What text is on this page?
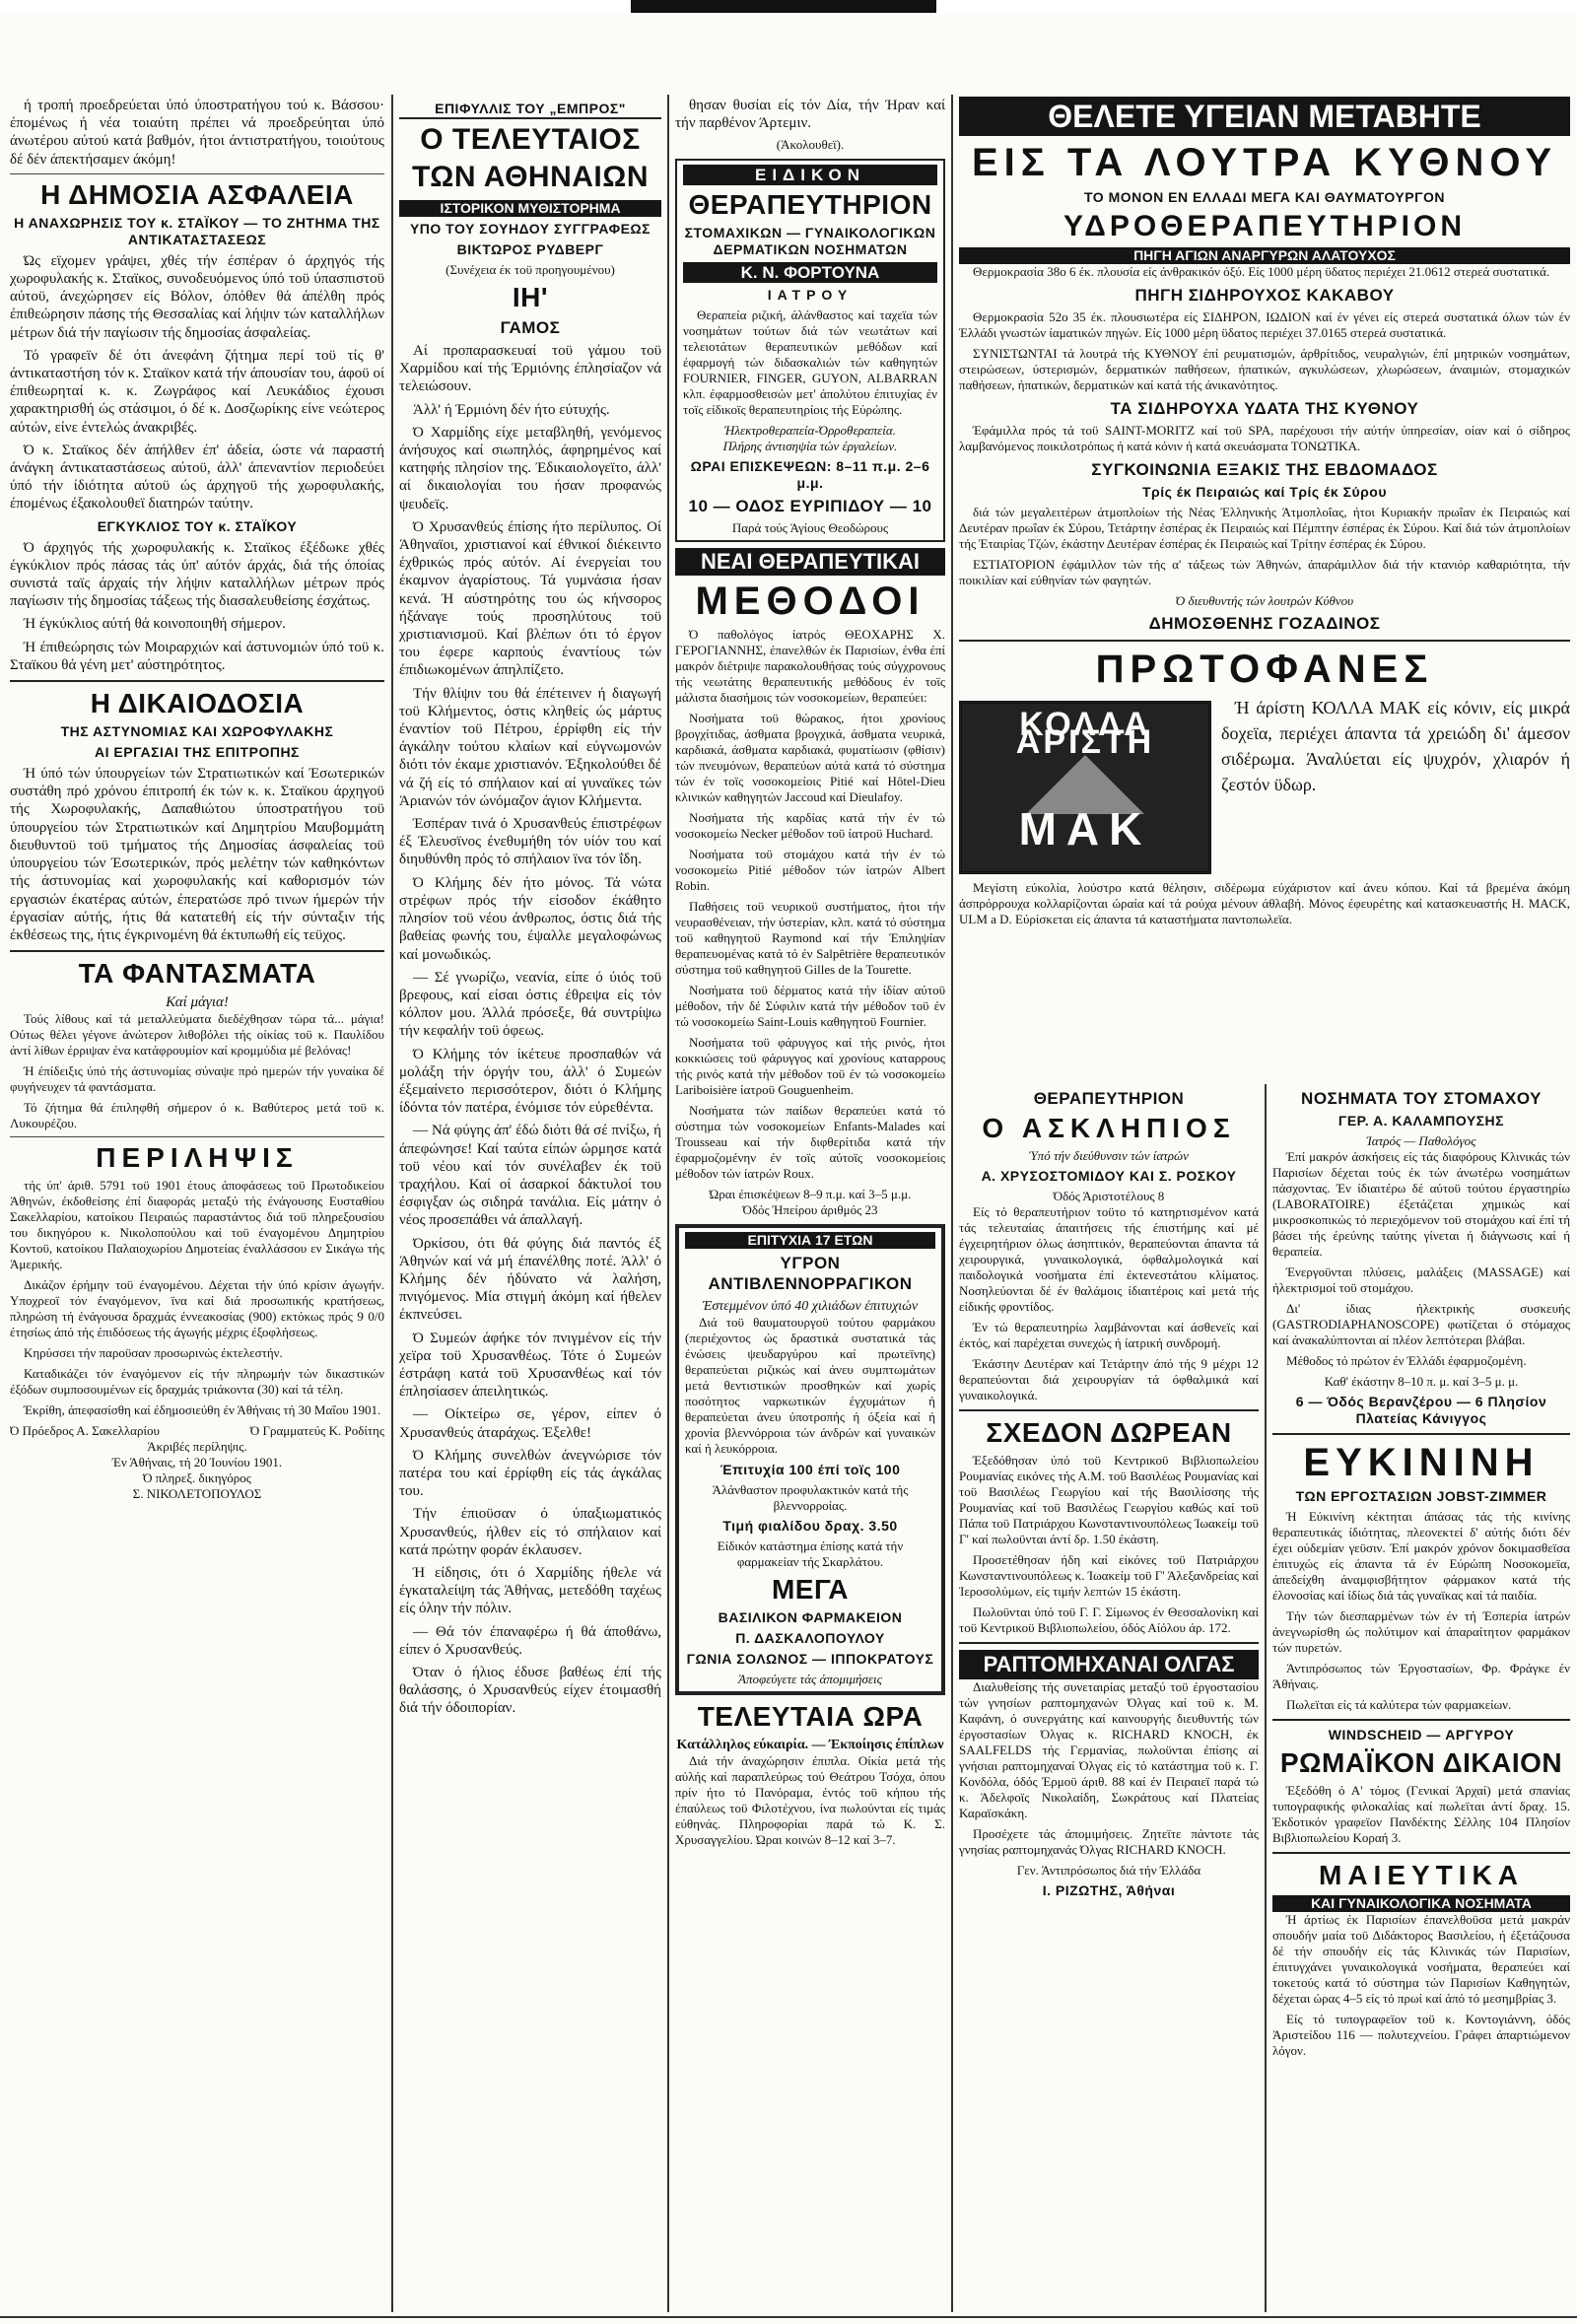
ή τροπή προεδρεύεται ύπό ύποστρατήγου τού κ. Βάσσου· έπομένως ή νέα τοιαύτη πρέπει νά προεδρεύηται ύπό άνωτέρου αύτού κατά βαθμόν, ήτοι άντιστρατήγου, τοιούτους δέ δέν άπεκτήσαμεν άκόμη!

Η ΔΗΜΟΣΙΑ ΑΣΦΑΛΕΙΑ
Η ΑΝΑΧΩΡΗΣΙΣ ΤΟΥ κ. ΣΤΑΪΚΟΥ — ΤΟ ΖΗΤΗΜΑ ΤΗΣ ΑΝΤΙΚΑΤΑΣΤΑΣΕΩΣ

Ώς εϊχομεν γράψει, χθές τήν έσπέραν ό άρχηγός τής χωροφυλακής κ. Σταϊκος, συνοδευόμενος ύπό τοϋ ύπασπιστοϋ αύτοϋ, άνεχώρησεν είς Βόλον, όπόθεν θά άπέλθη πρός έπιθεώρησιν πάσης τής Θεσσαλίας καί λήψιν τών καταλλήλων μέτρων διά τήν παγίωσιν τής δημοσίας άσφαλείας.

Τό γραφεϊν δέ ότι άνεφάνη ζήτημα περί τοϋ τίς θ' άντικαταστήση τόν κ. Σταϊκον κατά τήν άπουσίαν του, άφοϋ οί έπιθεωρηταί κ. κ. Ζωγράφος καί Λευκάδιος έχουσι χαρακτηρισθή ώς στάσιμοι, ό δέ κ. Δοσζωρίκης είνε νεώτερος αύτών, είνε έντελώς άνακριβές.

Ό κ. Σταϊκος δέν άπήλθεν έπ' άδεία, ώστε νά παραστή άνάγκη άντικαταστάσεως αύτοϋ, άλλ' άπεναντίον περιοδεύει ύπό τήν ίδιότητα αύτοϋ ώς άρχηγοϋ τής χωροφυλακής, έπομένως έξακολουθεϊ διατηρών ταύτην.

ΕΓΚΥΚΛΙΟΣ ΤΟΥ κ. ΣΤΑΪΚΟΥ

Ό άρχηγός τής χωροφυλακής κ. Σταϊκος έξέδωκε χθές έγκύκλιον πρός πάσας τάς ύπ' αύτόν άρχάς, διά τής όποίας συνιστά ταϊς άρχαίς τήν λήψιν καταλλήλων μέτρων πρός παγίωσιν τής δημοσίας τάξεως τής διασαλευθείσης έσχάτως.

Ή έγκύκλιος αύτή θά κοινοποιηθή σήμερον.

Ή έπιθεώρησις τών Μοιραρχιών καί άστυνομιών ύπό τοϋ κ. Σταϊκου θά γένη μετ' αύστηρότητος.

Η ΔΙΚΑΙΟΔΟΣΙΑ
ΤΗΣ ΑΣΤΥΝΟΜΙΑΣ ΚΑΙ ΧΩΡΟΦΥΛΑΚΗΣ
ΑΙ ΕΡΓΑΣΙΑΙ ΤΗΣ ΕΠΙΤΡΟΠΗΣ

Ή ύπό τών ύπουργείων τών Στρατιωτικών καί Έσωτερικών συστάθη πρό χρόνου έπιτροπή έκ τών κ. κ. Σταϊκου άρχηγοϋ τής Χωροφυλακής, Δαπαθιώτου ύποστρατήγου τοϋ ύπουργείου τών Στρατιωτικών καί Δημητρίου Μαυβομμάτη διευθυντοϋ τοϋ τμήματος τής Δημοσίας άσφαλείας τοϋ ύπουργείου τών Έσωτερικών, πρός μελέτην τών καθηκόντων τής άστυνομίας καί χωροφυλακής καί καθορισμόν τών εργασιών έκατέρας αύτών, έπερατώσε πρό τινων ήμερών τήν έργασίαν αύτής, ήτις θά κατατεθή είς τήν σύνταξιν τής έκθέσεως της, ήτις έγκρινομένη θά έκτυπωθή είς τεϋχος.

ΤΑ ΦΑΝΤΑΣΜΑΤΑ
Καί μάγια!

Τούς λίθους καί τά μεταλλεύματα διεδέχθησαν τώρα τά... μάγια! Ούτως θέλει γέγονε άνώτερον λιθοβόλει τής οίκίας τοϋ κ. Παυλίδου άντί λίθων έρριψαν ένα κατάφρουμίον καί κρομμύδια μέ βελόνας!

Ή έπίδειξις ύπό τής άστυνομίας σύναψε πρό ημερών τήν γυναίκα δέ φυγήνευχεν τά φαντάσματα.

Τό ζήτημα θά έπιληφθή σήμερον ό κ. Βαθύτερος μετά τοϋ κ. Λυκουρέζου.

ΠΕΡΙΛΗΨΙΣ

τής ύπ' άριθ. 5791 τοϋ 1901 έτους άποφάσεως τοϋ Πρωτοδικείου Άθηνών, έκδοθείσης έπί διαφοράς μεταξύ τής ένάγουσης Ευσταθίου Σακελλαρίου, κατοίκου Πειραιώς παραστάντος διά τοϋ πληρεξουσίου του δικηγόρου κ. Νικολοπούλου καί τοϋ έναγομένου Δημητρίου Κοντοϋ, κατοίκου Παλαιοχωρίου Δημοτείας έναλλάσσου εν Σικάγω τής Άμερικής.

Δικάζον έρήμην τοϋ έναγομένου. Δέχεται τήν ύπό κρίσιν άγωγήν. Υποχρεοϊ τόν έναγόμενον, ϊνα καί διά προσωπικής κρατήσεως, πληρώση τή ένάγουσα δραχμάς έννεακοσίας (900) εκτόκως πρός 9 0/0 έτησίως άπό τής έπιδόσεως τής άγωγής μέχρις έξοφλήσεως.

Κηρύσσει τήν παροϋσαν προσωρινώς έκτελεστήν.

Καταδικάζει τόν έναγόμενον είς τήν πληρωμήν τών δικαστικών έξόδων συμποσουμένων είς δραχμάς τριάκοντα (30) καί τά τέλη.

Έκρίθη, άπεφασίσθη καί έδημοσιεύθη έν Άθήναις τή 30 Μαΐου 1901.

Ό Πρόεδρος Α. Σακελλαρίου	Ό Γραμματεύς Κ. Ροδίτης
Άκριβές περίληψις.
Έν Άθήναις, τή 20 Ίουνίου 1901.
Ό πληρεξ. δικηγόρος
Σ. ΝΙΚΟΛΕΤΟΠΟΥΛΟΣ
ΕΠΙΦΥΛΛΙΣ ΤΟΥ „ΕΜΠΡΟΣ"
Ο ΤΕΛΕΥΤΑΙΟΣ
ΤΩΝ ΑΘΗΝΑΙΩΝ
ΙΣΤΟΡΙΚΟΝ ΜΥΘΙΣΤΟΡΗΜΑ
ΥΠΟ ΤΟΥ ΣΟΥΗΔΟΥ ΣΥΓΓΡΑΦΕΩΣ
ΒΙΚΤΩΡΟΣ ΡΥΔΒΕΡΓ
(Συνέχεια έκ τοϋ προηγουμένου)
ΙΗ'
ΓΑΜΟΣ

Αί προπαρασκευαί τοϋ γάμου τοϋ Χαρμίδου καί τής Έρμιόνης έπλησίαζον νά τελειώσουν.

Άλλ' ή Έρμιόνη δέν ήτο εύτυχής.

Ό Χαρμίδης είχε μεταβληθή, γενόμενος άνήσυχος καί σιωπηλός, άφηρημένος καί κατηφής πλησίον της. Έδικαιολογεϊτο, άλλ' αί δικαιολογίαι του ήσαν προφανώς ψευδεϊς.

Ό Χρυσανθεύς έπίσης ήτο περίλυπος. Οί Άθηναϊοι, χριστιανοί καί έθνικοί διέκειντο έχθρικώς πρός αύτόν. Αί ένεργείαι του έκαμνον άγαρίστους. Τά γυμνάσια ήσαν κενά. Ή αύστηρότης του ώς κήνσορος ήξάναγε τούς προσηλύτους τοϋ χριστιανισμοϋ. Καί βλέπων ότι τό έργον του έφερε καρπούς έναντίους τών έπιδιωκομένων άπηλπίζετο.

Τήν θλίψιν του θά έπέτεινεν ή διαγωγή τοϋ Κλήμεντος, όστις κληθείς ώς μάρτυς έναντίον τοϋ Πέτρου, έρρίφθη είς τήν άγκάλην τούτου κλαίων καί εύγνωμονών διότι τόν έκαμε χριστιανόν. Έξηκολούθει δέ νά ζή είς τό σπήλαιον καί αί γυναϊκες τών Άριανών τόν ώνόμαζον άγιον Κλήμεντα.

Έσπέραν τινά ό Χρυσανθεύς έπιστρέφων έξ Έλευσϊνος ένεθυμήθη τόν υίόν του καί διηυθύνθη πρός τό σπήλαιον ϊνα τόν ΐδη.

Ό Κλήμης δέν ήτο μόνος. Τά νώτα στρέφων πρός τήν είσοδον έκάθητο πλησίον τοϋ νέου άνθρωπος, όστις διά τής βαθείας φωνής του, έψαλλε μεγαλοφώνως καί μονωδικώς.

— Σέ γνωρίζω, νεανία, είπε ό ύιός τοϋ βρεφους, καί είσαι όστις έθρεψα είς τόν κόλπον μου. Άλλά πρόσεξε, θά συντρίψω τήν κεφαλήν τοϋ όφεως.

Ό Κλήμης τόν ίκέτευε προσπαθών νά μολάξη τήν όργήν του, άλλ' ό Συμεών έξεμαίνετο περισσότερον, διότι ό Κλήμης ίδόντα τόν πατέρα, ένόμισε τόν εύρεθέντα.

— Νά φύγης άπ' έδώ διότι θά σέ πνίξω, ή άπεφώνησε! Καί ταύτα είπών ώρμησε κατά τοϋ νέου καί τόν συνέλαβεν έκ τοϋ τραχήλου. Καί οί άσαρκοί δάκτυλοί του έσφιγξαν ώς σιδηρά τανάλια. Είς μάτην ό νέος προσεπάθει νά άπαλλαγή.

Όρκίσου, ότι θά φύγης διά παντός έξ Άθηνών καί νά μή έπανέλθης ποτέ. Άλλ' ό Κλήμης δέν ήδύνατο νά λαλήση, πνιγόμενος. Μία στιγμή άκόμη καί ήθελεν έκπνεύσει.

Ό Συμεών άφήκε τόν πνιγμένον είς τήν χεϊρα τοϋ Χρυσανθέως. Τότε ό Συμεών έστράφη κατά τοϋ Χρυσανθέως καί τόν έπλησίασεν άπειλητικώς.

— Οίκτείρω σε, γέρον, είπεν ό Χρυσανθεύς άταράχως. Έξελθε!

Ό Κλήμης συνελθών άνεγνώρισε τόν πατέρα του καί έρρίφθη είς τάς άγκάλας του.

Τήν έπιοϋσαν ό ύπαξιωματικός Χρυσανθεύς, ήλθεν είς τό σπήλαιον καί κατά πρώτην φοράν έκλαυσεν.

Ή είδησις, ότι ό Χαρμίδης ήθελε νά έγκαταλείψη τάς Άθήνας, μετεδόθη ταχέως είς όλην τήν πόλιν.

— Θά τόν έπαναφέρω ή θά άποθάνω, είπεν ό Χρυσανθεύς.

Όταν ό ήλιος έδυσε βαθέως έπί τής θαλάσσης, ό Χρυσανθεύς είχεν έτοιμασθή διά τήν όδοιπορίαν.

θησαν θυσίαι είς τόν Δία, τήν Ήραν καί τήν παρθένον Άρτεμιν.

(Άκολουθεϊ).
ΕΙΔΙΚΟΝ
ΘΕΡΑΠΕΥΤΗΡΙΟΝ
ΣΤΟΜΑΧΙΚΩΝ — ΓΥΝΑΙΚΟΛΟΓΙΚΩΝ ΔΕΡΜΑΤΙΚΩΝ ΝΟΣΗΜΑΤΩΝ
Κ. Ν. ΦΟΡΤΟΥΝΑ
ΙΑΤΡΟΥ

Θεραπεία ριζική, άλάνθαστος καί ταχεϊα τών νοσημάτων τούτων διά τών νεωτάτων καί τελειοτάτων θεραπευτικών μεθόδων καί έφαρμογή τών διδασκαλιών τών καθηγητών FOURNIER, FINGER, GUYON, ALBARRAN κλπ. έφαρμοσθεισών μετ' άπολύτου έπιτυχίας έν τοϊς είδικοϊς θεραπευτηρίοις τής Εύρώπης.

Ήλεκτροθεραπεία-Όρροθεραπεία.
Πλήρης άντισηψία τών έργαλείων.
ΩΡΑΙ ΕΠΙΣΚΕΨΕΩΝ: 8–11 π.μ. 2–6 μ.μ.
10 — ΟΔΟΣ ΕΥΡΙΠΙΔΟΥ — 10
Παρά τούς Άγίους Θεοδώρους
ΝΕΑΙ ΘΕΡΑΠΕΥΤΙΚΑΙ
ΜΕΘΟΔΟΙ

Ό παθολόγος ίατρός ΘΕΟΧΑΡΗΣ Χ. ΓΕΡΟΓΙΑΝΝΗΣ, έπανελθών έκ Παρισίων, ένθα έπί μακρόν διέτριψε παρακολουθήσας τούς σύγχρονους τής νεωτάτης θεραπευτικής μεθόδους έν τοϊς μάλιστα διασήμοις τών νοσοκομείων, θεραπεύει:

Νοσήματα τοϋ θώρακος, ήτοι χρονίους βρογχίτιδας, άσθματα βρογχικά, άσθματα νευρικά, καρδιακά, άσθματα καρδιακά, φυματίωσιν (φθίσιν) τών πνευμόνων, θεραπεύων αύτά κατά τό σύστημα τών έν τοϊς νοσοκομείοις Pitié καί Hôtel-Dieu κλινικών καθηγητών Jaccoud καί Dieulafoy.

Νοσήματα τής καρδίας κατά τήν έν τώ νοσοκομείω Necker μέθοδον τοϋ ίατροϋ Huchard.

Νοσήματα τοϋ στομάχου κατά τήν έν τώ νοσοκομείω Pitié μέθοδον τών ίατρών Albert Robin.

Παθήσεις τοϋ νευρικοϋ συστήματος, ήτοι τήν νευρασθένειαν, τήν ύστερίαν, κλπ. κατά τό σύστημα τοϋ καθηγητοϋ Raymond καί τήν Έπιληψίαν θεραπευομένας κατά τό έν Salpêtrière θεραπευτικόν σύστημα τοϋ καθηγητοϋ Gilles de la Tourette.

Νοσήματα τοϋ δέρματος κατά τήν ίδίαν αύτοϋ μέθοδον, τήν δέ Σύφιλιν κατά τήν μέθοδον τοϋ έν τώ νοσοκομείω Saint-Louis καθηγητοϋ Fournier.

Νοσήματα τοϋ φάρυγγος καί τής ρινός, ήτοι κοκκιώσεις τοϋ φάρυγγος καί χρονίους καταρρους τής ρινός κατά τήν μέθοδον τοϋ έν τώ νοσοκομείω Lariboisière ίατροϋ Gouguenheim.

Νοσήματα τών παίδων θεραπεύει κατά τό σύστημα τών νοσοκομείων Enfants-Malades καί Trousseau καί τήν διφθερίτιδα κατά τήν έφαρμοζομένην έν τοϊς αύτοϊς νοσοκομείοις μέθοδον τών ίατρών Roux.

Ώραι έπισκέψεων 8–9 π.μ. καί 3–5 μ.μ.
Όδός Ήπείρου άριθμός 23
ΕΠΙΤΥΧΙΑ 17 ΕΤΩΝ
ΥΓΡΟΝ ΑΝΤΙΒΛΕΝΝΟΡΡΑΓΙΚΟΝ
Έστεμμένον ύπό 40 χιλιάδων έπιτυχιών

Διά τοϋ θαυματουργοϋ τούτου φαρμάκου (περιέχοντος ώς δραστικά συστατικά τάς ένώσεις ψευδαργύρου καί πρωτεϊνης) θεραπεύεται ριζικώς καί άνευ συμπτωμάτων μετά θεντιστικών προσθηκών καί χωρίς ποσότητος ναρκωτικών έγχυμάτων ή θεραπεύεται άνευ ύποτροπής ή όξεία καί ή χρονία βλεννόρροια τών άνδρών καί γυναικών καί ή λευκόρροια.

Έπιτυχία 100 έπί τοϊς 100
Άλάνθαστον προφυλακτικόν κατά τής βλεννορροίας.
Τιμή φιαλίδου δραχ. 3.50
Είδικόν κατάστημα έπίσης κατά τήν φαρμακείαν τής Σκαρλάτου.
ΜΕΓΑ
ΒΑΣΙΛΙΚΟΝ ΦΑΡΜΑΚΕΙΟΝ
Π. ΔΑΣΚΑΛΟΠΟΥΛΟΥ
ΓΩΝΙΑ ΣΟΛΩΝΟΣ — ΙΠΠΟΚΡΑΤΟΥΣ
Άποφεύγετε τάς άπομιμήσεις
ΤΕΛΕΥΤΑΙΑ ΩΡΑ
Κατάλληλος εύκαιρία. — Έκποίησις έπίπλων

Διά τήν άναχώρησιν έπιπλα. Οίκία μετά τής αύλής καί παραπλεύρως τού Θεάτρου Τσόχα, όπου πρίν ήτο τό Πανόραμα, έντός τοϋ κήπου τής έπαύλεως τοϋ Φιλοτέχνου, ίνα πωλούνται είς τιμάς εύθηνάς. Πληροφορίαι παρά τώ Κ. Σ. Χρυσαγγελίου. Ώραι κοινών 8–12 καί 3–7.

ΘΕΛΕΤΕ ΥΓΕΙΑΝ ΜΕΤΑΒΗΤΕ
ΕΙΣ ΤΑ ΛΟΥΤΡΑ ΚΥΘΝΟΥ
ΤΟ ΜΟΝΟΝ ΕΝ ΕΛΛΑΔΙ ΜΕΓΑ ΚΑΙ ΘΑΥΜΑΤΟΥΡΓΟΝ
ΥΔΡΟΘΕΡΑΠΕΥΤΗΡΙΟΝ
ΠΗΓΗ ΑΓΙΩΝ ΑΝΑΡΓΥΡΩΝ ΑΛΑΤΟΥΧΟΣ

Θερμοκρασία 38ο 6 έκ. πλουσία είς άνθρακικόν όξύ. Είς 1000 μέρη ϋδατος περιέχει 21.0612 στερεά συστατικά.

ΠΗΓΗ ΣΙΔΗΡΟΥΧΟΣ ΚΑΚΑΒΟΥ

Θερμοκρασία 52ο 35 έκ. πλουσιωτέρα είς ΣΙΔΗΡΟΝ, ΙΩΔΙΟΝ καί έν γένει είς στερεά συστατικά όλων τών έν Έλλάδι γνωστών ίαματικών πηγών. Είς 1000 μέρη ϋδατος περιέχει 37.0165 στερεά συστατικά.

ΣΥΝΙΣΤΩΝΤΑΙ τά λουτρά τής ΚΥΘΝΟΥ έπί ρευματισμών, άρθρίτιδος, νευραλγιών, έπί μητρικών νοσημάτων, στειρώσεων, ύστερισμών, δερματικών παθήσεων, ήπατικών, αγκυλώσεων, χλωρώσεων, άναιμιών, στομαχικών παθήσεων, ήπατικών, δερματικών καί κατά τής άνικανότητος.

ΤΑ ΣΙΔΗΡΟΥΧΑ ΥΔΑΤΑ ΤΗΣ ΚΥΘΝΟΥ

Έφάμιλλα πρός τά τοϋ SAINT-MORITZ καί τοϋ SPA, παρέχουσι τήν αύτήν ύπηρεσίαν, οίαν καί ό σίδηρος λαμβανόμενος ποικιλοτρόπως ή κατά κόνιν ή κατά σκευάσματα ΤΟΝΩΤΙΚΑ.

ΣΥΓΚΟΙΝΩΝΙΑ ΕΞΑΚΙΣ ΤΗΣ ΕΒΔΟΜΑΔΟΣ
Τρίς έκ Πειραιώς καί Τρίς έκ Σύρου

διά τών μεγαλειτέρων άτμοπλοίων τής Νέας Έλληνικής Άτμοπλοΐας, ήτοι Κυριακήν πρωΐαν έκ Πειραιώς καί Δευτέραν πρωΐαν έκ Σύρου, Τετάρτην έσπέρας έκ Πειραιώς καί Πέμπτην έσπέρας έκ Σύρου. Καί διά τών άτμοπλοίων τής Έταιρίας Τζών, έκάστην Δευτέραν έσπέρας έκ Πειραιώς καί Τρίτην έσπέρας έκ Σύρου.

ΕΣΤΙΑΤΟΡΙΟΝ έφάμιλλον τών τής α' τάξεως τών Άθηνών, άπαράμιλλον διά τήν κτανιόρ καθαριότητα, τήν ποικιλίαν καί εύθηνίαν τών φαγητών.

Ό διευθυντής τών λουτρών Κύθνου
ΔΗΜΟΣΘΕΝΗΣ ΓΟΖΑΔΙΝΟΣ
ΠΡΩΤΟΦΑΝΕΣ
ΚΟΛΛΑ ΑΡΙΣΤΗ
ΜΑΚ

Ή άρίστη ΚΟΛΛΑ ΜΑΚ είς κόνιν, είς μικρά δοχεϊα, περιέχει άπαντα τά χρειώδη δι' άμεσον σιδέρωμα. Άναλύεται είς ψυχρόν, χλιαρόν ή ζεστόν ϋδωρ.

Μεγίστη εύκολία, λούστρο κατά θέλησιν, σιδέρωμα εύχάριστον καί άνευ κόπου. Καί τά βρεμένα άκόμη άσπρόρρουχα κολλαρίζονται ώραία καί τά ρούχα μένουν άθλαβή. Μόνος έφευρέτης καί κατασκευαστής H. MACK, ULM a D. Εύρίσκεται είς άπαντα τά καταστήματα παντοπωλεϊα.

ΘΕΡΑΠΕΥΤΗΡΙΟΝ
Ο ΑΣΚΛΗΠΙΟΣ
Ύπό τήν διεύθυνσιν τών ίατρών
Α. ΧΡΥΣΟΣΤΟΜΙΔΟΥ ΚΑΙ Σ. ΡΟΣΚΟΥ
Όδός Άριστοτέλους 8

Είς τό θεραπευτήριον τοϋτο τό κατηρτισμένον κατά τάς τελευταίας άπαιτήσεις τής έπιστήμης καί μέ έγχειρητήριον όλως άσηπτικόν, θεραπεύονται άπαντα τά χειρουργικά, γυναικολογικά, όφθαλμολογικά καί παιδολογικά νοσήματα έπί έκτενεστάτου κλίματος. Νοσηλεύονται δέ έν θαλάμοις ίδιαιτέροις καί μετά τής είδικής φροντίδος.

Έν τώ θεραπευτηρίω λαμβάνονται καί άσθενεϊς καί έκτός, καί παρέχεται συνεχώς ή ίατρική συνδρομή.

Έκάστην Δευτέραν καί Τετάρτην άπό τής 9 μέχρι 12 θεραπεύονται διά χειρουργίαν τά όφθαλμικά καί γυναικολογικά.

ΣΧΕΔΟΝ ΔΩΡΕΑΝ

Έξεδόθησαν ύπό τοϋ Κεντρικοϋ Βιβλιοπωλείου Ρουμανίας εικόνες τής Α.Μ. τοϋ Βασιλέως Ρουμανίας καί τοϋ Βασιλέως Γεωργίου καί τής Βασιλίσσης τής Ρουμανίας καί τοϋ Βασιλέως Γεωργίου καθώς καί τοϋ Πάπα τοϋ Πατριάρχου Κωνσταντινουπόλεως Ίωακείμ τοϋ Γ' καί πωλοϋνται άντί δρ. 1.50 έκάστη.

Προσετέθησαν ήδη καί είκόνες τοϋ Πατριάρχου Κωνσταντινουπόλεως κ. Ίωακείμ τοϋ Γ' Άλεξανδρείας καί Ίεροσολύμων, είς τιμήν λεπτών 15 έκάστη.

Πωλοϋνται ύπό τοϋ Γ. Γ. Σίμωνος έν Θεσσαλονίκη καί τοϋ Κεντρικοϋ Βιβλιοπωλείου, όδός Αίόλου άρ. 172.

ΡΑΠΤΟΜΗΧΑΝΑΙ ΟΛΓΑΣ

Διαλυθείσης τής συνεταιρίας μεταξύ τοϋ έργοστασίου τών γνησίων ραπτομηχανών Όλγας καί τοϋ κ. Μ. Καφάνη, ό συνεργάτης καί καινουργής διευθυντής τών έργοστασίων Όλγας κ. RICHARD KNOCH, έκ SAALFELDS τής Γερμανίας, πωλοϋνται έπίσης αί γνήσιαι ραπτομηχαναί Όλγας είς τό κατάστημα τοϋ κ. Γ. Κονδόλα, όδός Έρμοϋ άριθ. 88 καί έν Πειραιεϊ παρά τώ κ. Άδελφοϊς Νικολαίδη, Σωκράτους καί Πλατείας Καραϊσκάκη.

Προσέχετε τάς άπομιμήσεις. Ζητεϊτε πάντοτε τάς γνησίας ραπτομηχανάς Όλγας RICHARD KNOCH.

Γεν. Άντιπρόσωπος διά τήν Έλλάδα
Ι. ΡΙΖΩΤΗΣ, Άθήναι
ΝΟΣΗΜΑΤΑ ΤΟΥ ΣΤΟΜΑΧΟΥ
ΓΕΡ. Α. ΚΑΛΑΜΠΟΥΣΗΣ
Ίατρός — Παθολόγος

Έπί μακρόν άσκήσεις είς τάς διαφόρους Κλινικάς τών Παρισίων δέχεται τούς έκ τών άνωτέρω νοσημάτων πάσχοντας. Έν ίδιαιτέρω δέ αύτοϋ τούτου έργαστηρίω (LABORATOIRE) έξετάζεται χημικώς καί μικροσκοπικώς τό περιεχόμενον τοϋ στομάχου καί έπί τή βάσει τής έρεύνης ταύτης γίνεται ή διάγνωσις καί ή θεραπεία.

Ένεργοϋνται πλύσεις, μαλάξεις (MASSAGE) καί ήλεκτρισμοί τοϋ στομάχου.

Δι' ίδιας ήλεκτρικής συσκευής (GASTRODIAPHANOSCOPE) φωτίζεται ό στόμαχος καί άνακαλύπτονται αί πλέον λεπτότεραι βλάβαι.

Μέθοδος τό πρώτον έν Έλλάδι έφαρμοζομένη.

Καθ' έκάστην 8–10 π. μ. καί 3–5 μ. μ.
6 — Όδός Βερανζέρου — 6 Πλησίον Πλατείας Κάνιγγος
ΕΥΚΙΝΙΝΗ
ΤΩΝ ΕΡΓΟΣΤΑΣΙΩΝ JOBST-ZIMMER

Ή Εύκινίνη κέκτηται άπάσας τάς τής κινίνης θεραπευτικάς ίδιότητας, πλεονεκτεί δ' αύτής διότι δέν έχει ούδεμίαν γεϋσιν. Έπί μακρόν χρόνον δοκιμασθεϊσα έπιτυχώς είς άπαντα τά έν Εύρώπη Νοσοκομεϊα, άπεδείχθη άναμφισβήτητον φάρμακον κατά τής έλονοσίας καί ίδίως διά τάς γυναϊκας καί τά παιδία.

Τήν τών διεσπαρμένων τών έν τή Έσπερία ίατρών άνεγνωρίσθη ώς πολύτιμον καί άπαραίτητον φαρμάκον τών πυρετών.

Άντιπρόσωπος τών Έργοστασίων, Φρ. Φράγκε έν Άθήναις.

Πωλεϊται είς τά καλύτερα τών φαρμακείων.

WINDSCHEID — ΑΡΓΥΡΟΥ
ΡΩΜΑΪΚΟΝ ΔΙΚΑΙΟΝ

Έξεδόθη ό Α' τόμος (Γενικαί Άρχαί) μετά σπανίας τυπογραφικής φιλοκαλίας καί πωλεϊται άντί δραχ. 15. Έκδοτικόν γραφεϊον Πανδέκτης Σέλλης 104 Πλησίον Βιβλιοπωλείου Κοραή 3.

ΜΑΙΕΥΤΙΚΑ
ΚΑΙ ΓΥΝΑΙΚΟΛΟΓΙΚΑ ΝΟΣΗΜΑΤΑ

Ή άρτίως έκ Παρισίων έπανελθοϋσα μετά μακράν σπουδήν μαία τοϋ Διδάκτορος Βασιλείου, ή έξετάζουσα δέ τήν σπουδήν είς τάς Κλινικάς τών Παρισίων, έπιτυγχάνει γυναικολογικά νοσήματα, θεραπεύει καί τοκετούς κατά τό σύστημα τών Παρισίων Καθηγητών, δέχεται ώρας 4–5 είς τό πρωί καί άπό τό μεσημβρίας 3.

Είς τό τυπογραφεϊον τοϋ κ. Κοντογιάννη, όδός Άριστείδου 116 — πολυτεχνείου. Γράφει άπαρτιώμενον λόγον.
